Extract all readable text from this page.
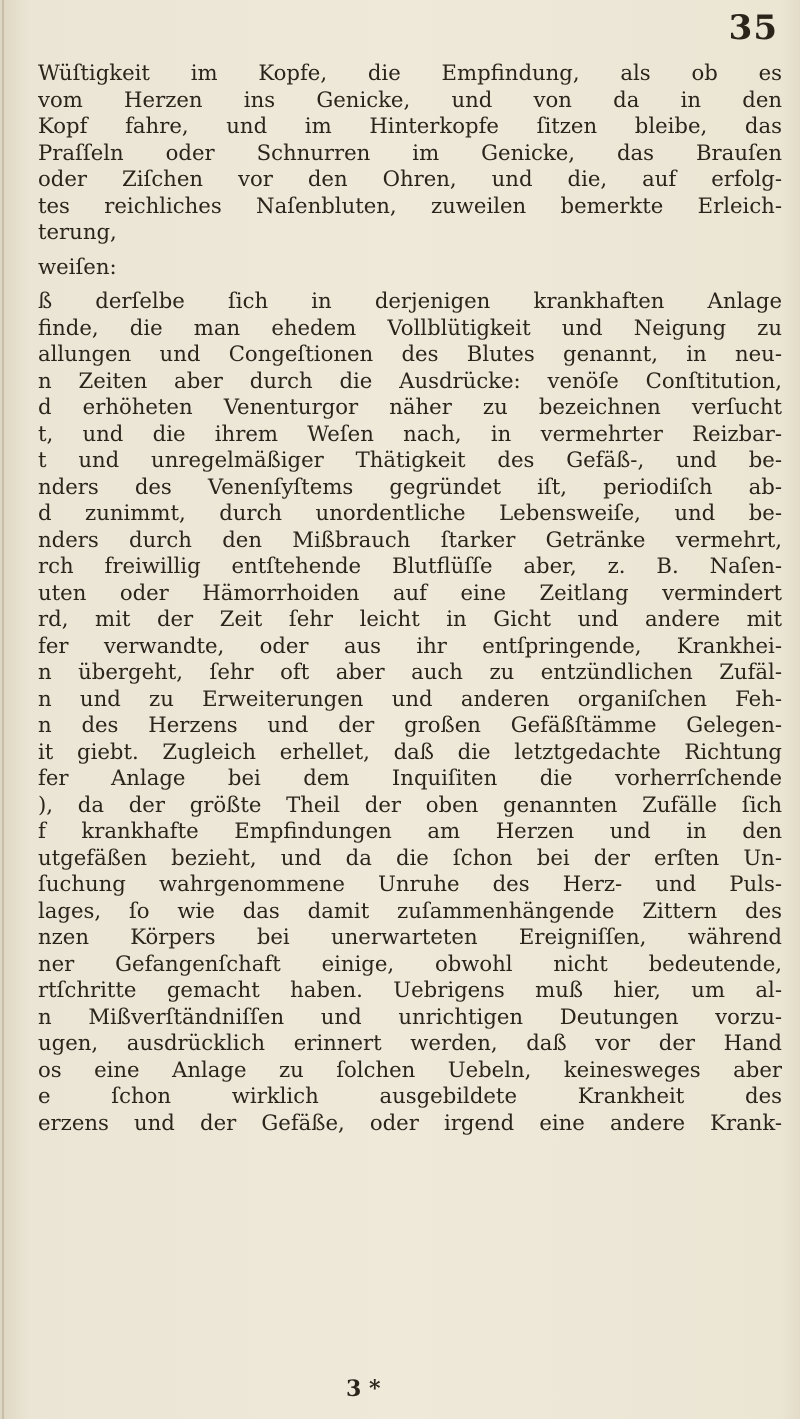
35
Wüſtigkeit im Kopfe, die Empfindung, als ob es
vom Herzen ins Genicke, und von da in den
Kopf fahre, und im Hinterkopfe ſitzen bleibe, das
Praſſeln oder Schnurren im Genicke, das Brauſen
oder Ziſchen vor den Ohren, und die, auf erfolg-
tes reichliches Naſenbluten, zuweilen bemerkte Erleich-
terung,
weiſen:
ß derſelbe ſich in derjenigen krankhaften Anlage
finde, die man ehedem Vollblütigkeit und Neigung zu
allungen und Congeſtionen des Blutes genannt, in neu-
n Zeiten aber durch die Ausdrücke: venöſe Conſtitution,
d erhöheten Venenturgor näher zu bezeichnen verſucht
t, und die ihrem Weſen nach, in vermehrter Reizbar-
t und unregelmäßiger Thätigkeit des Gefäß-, und be-
nders des Venenſyſtems gegründet iſt, periodiſch ab-
d zunimmt, durch unordentliche Lebensweiſe, und be-
nders durch den Mißbrauch ſtarker Getränke vermehrt,
rch freiwillig entſtehende Blutflüſſe aber, z. B. Naſen-
uten oder Hämorrhoiden auf eine Zeitlang vermindert
rd, mit der Zeit ſehr leicht in Gicht und andere mit
fer verwandte, oder aus ihr entſpringende, Krankhei-
n übergeht, ſehr oft aber auch zu entzündlichen Zufäl-
n und zu Erweiterungen und anderen organiſchen Feh-
n des Herzens und der großen Gefäßſtämme Gelegen-
it giebt. Zugleich erhellet, daß die letztgedachte Richtung
fer Anlage bei dem Inquiſiten die vorherrſchende
), da der größte Theil der oben genannten Zufälle ſich
f krankhafte Empfindungen am Herzen und in den
utgefäßen bezieht, und da die ſchon bei der erſten Un-
ſuchung wahrgenommene Unruhe des Herz- und Puls-
lages, ſo wie das damit zuſammenhängende Zittern des
nzen Körpers bei unerwarteten Ereigniſſen, während
ner Gefangenſchaft einige, obwohl nicht bedeutende,
rtſchritte gemacht haben. Uebrigens muß hier, um al-
n Mißverſtändniſſen und unrichtigen Deutungen vorzu-
ugen, ausdrücklich erinnert werden, daß vor der Hand
os eine Anlage zu ſolchen Uebeln, keinesweges aber
e ſchon wirklich ausgebildete Krankheit des
erzens und der Gefäße, oder irgend eine andere Krank-
3 *
